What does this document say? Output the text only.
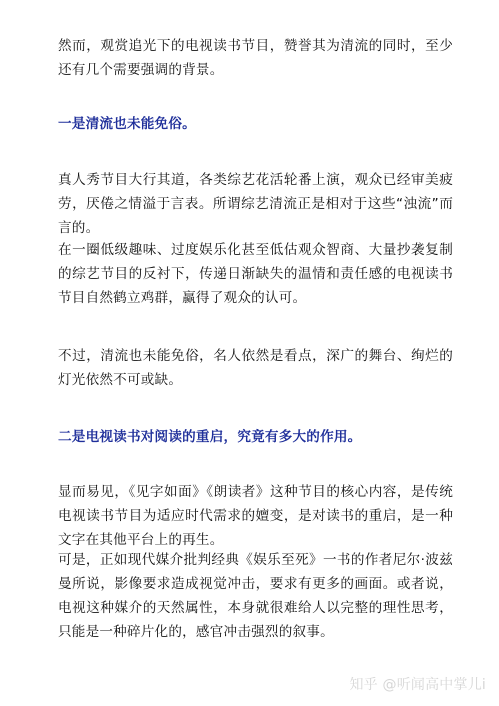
然而，观赏追光下的电视读书节目，赞誉其为清流的同时，至少还有几个需要强调的背景。

一是清流也未能免俗。

真人秀节目大行其道，各类综艺花活轮番上演，观众已经审美疲劳，厌倦之情溢于言表。所谓综艺清流正是相对于这些“浊流”而言的。

在一圈低级趣味、过度娱乐化甚至低估观众智商、大量抄袭复制的综艺节目的反衬下，传递日渐缺失的温情和责任感的电视读书节目自然鹤立鸡群，赢得了观众的认可。

不过，清流也未能免俗，名人依然是看点，深广的舞台、绚烂的灯光依然不可或缺。

二是电视读书对阅读的重启，究竟有多大的作用。

显而易见，《见字如面》《朗读者》这种节目的核心内容，是传统电视读书节目为适应时代需求的嬗变，是对读书的重启，是一种文字在其他平台上的再生。

可是，正如现代媒介批判经典《娱乐至死》一书的作者尼尔·波兹曼所说，影像要求造成视觉冲击，要求有更多的画面。或者说，电视这种媒介的天然属性，本身就很难给人以完整的理性思考，只能是一种碎片化的，感官冲击强烈的叙事。

知乎 @听闻高中掌儿i
